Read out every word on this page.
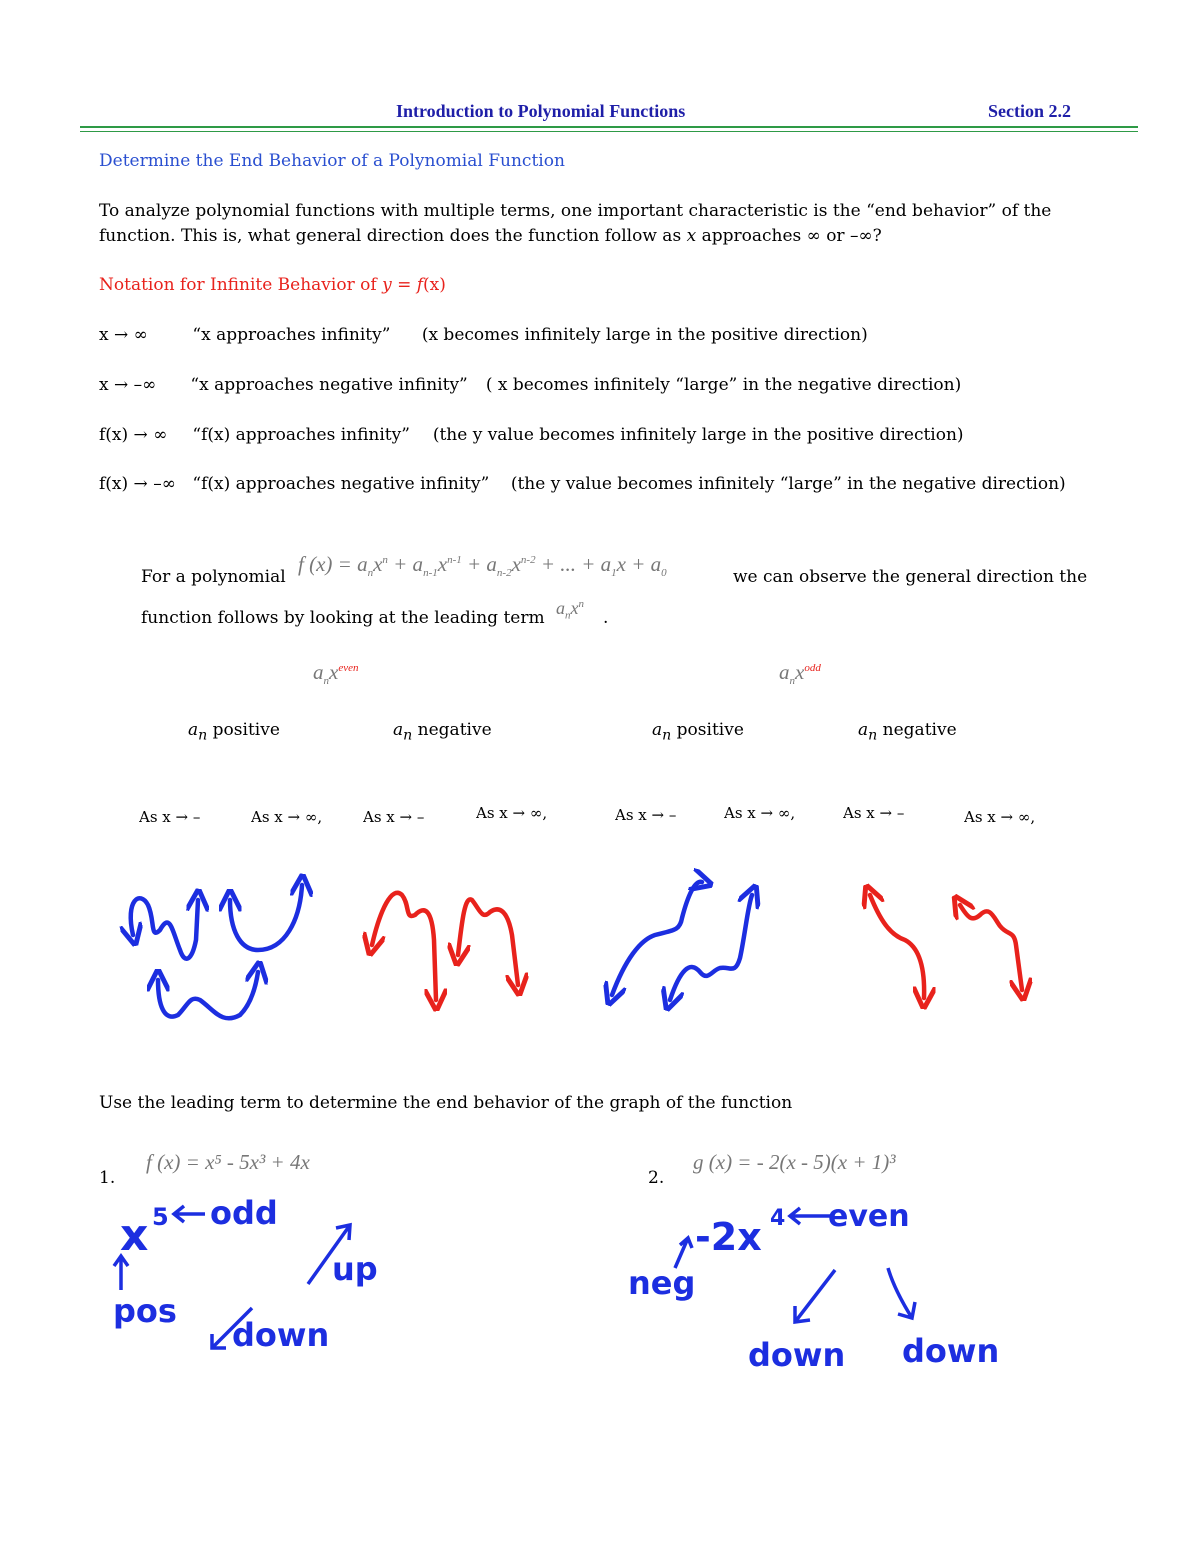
Introduction to Polynomial Functions	Section 2.2
Determine the End Behavior of a Polynomial Function
To analyze polynomial functions with multiple terms, one important characteristic is the “end behavior” of the
function. This is, what general direction does the function follow as x approaches ∞ or –∞?
Notation for Infinite Behavior of y = f(x)
x → ∞	“x approaches infinity” (x becomes infinitely large in the positive direction)
x → –∞ “x approaches negative infinity” ( x becomes infinitely “large” in the negative direction)
f(x) → ∞ “f(x) approaches infinity” (the y value becomes infinitely large in the positive direction)
f(x) → –∞ “f(x) approaches negative infinity” (the y value becomes infinitely “large” in the negative direction)
For a polynomial
f $(x) = a_nx^n + a_{n-1}x^{n-1} + a_{n-2}x^{n-2}$ + ... + $a_1x + a_0$	we can observe the general direction the
function follows by looking at the leading term $a_nx^n$
.
$a_nx^{even}$	$a_nx^{odd}$
$a_n$ positive	$a_n$ negative	$a_n$ positive	$a_n$ negative
As x → –	As x → ∞,	As x → –	As x → ∞,	As x → –	As x → ∞,	As x → –	As x → ∞,
Use the leading term to determine the end behavior of the graph of the function
1.
f (x) = x⁵ - 5x³ + 4x
2.
g (x) = - 2(x - 5)(x + 1)³
x 5 odd
pos
up
down
-2x 4 even
neg
down down
